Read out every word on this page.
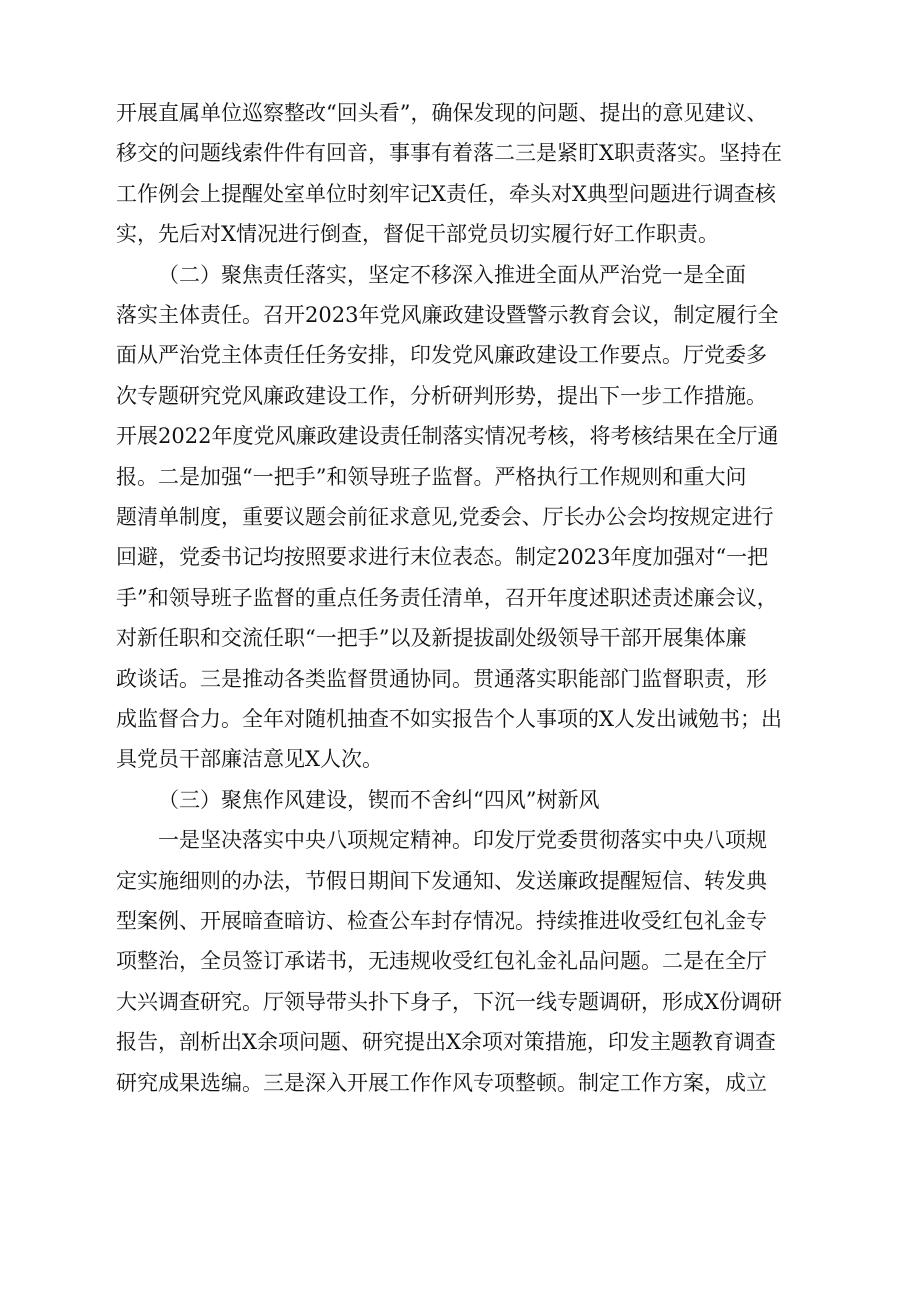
开展直属单位巡察整改“回头看”，确保发现的问题、提出的意见建议、
移交的问题线索件件有回音，事事有着落二三是紧盯X职责落实。坚持在
工作例会上提醒处室单位时刻牢记X责任，牵头对X典型问题进行调查核
实，先后对X情况进行倒查，督促干部党员切实履行好工作职责。
（二）聚焦责任落实，坚定不移深入推进全面从严治党一是全面
落实主体责任。召开2023年党风廉政建设暨警示教育会议，制定履行全
面从严治党主体责任任务安排，印发党风廉政建设工作要点。厅党委多
次专题研究党风廉政建设工作，分析研判形势，提出下一步工作措施。
开展2022年度党风廉政建设责任制落实情况考核，将考核结果在全厅通
报。二是加强“一把手”和领导班子监督。严格执行工作规则和重大问
题清单制度，重要议题会前征求意见,党委会、厅长办公会均按规定进行
回避，党委书记均按照要求进行末位表态。制定2023年度加强对“一把
手”和领导班子监督的重点任务责任清单，召开年度述职述责述廉会议，
对新任职和交流任职“一把手”以及新提拔副处级领导干部开展集体廉
政谈话。三是推动各类监督贯通协同。贯通落实职能部门监督职责，形
成监督合力。全年对随机抽查不如实报告个人事项的X人发出诫勉书；出
具党员干部廉洁意见X人次。
（三）聚焦作风建设，锲而不舍纠“四风”树新风
一是坚决落实中央八项规定精神。印发厅党委贯彻落实中央八项规
定实施细则的办法，节假日期间下发通知、发送廉政提醒短信、转发典
型案例、开展暗查暗访、检查公车封存情况。持续推进收受红包礼金专
项整治，全员签订承诺书，无违规收受红包礼金礼品问题。二是在全厅
大兴调查研究。厅领导带头扑下身子，下沉一线专题调研，形成X份调研
报告，剖析出X余项问题、研究提出X余项对策措施，印发主题教育调查
研究成果选编。三是深入开展工作作风专项整顿。制定工作方案，成立
